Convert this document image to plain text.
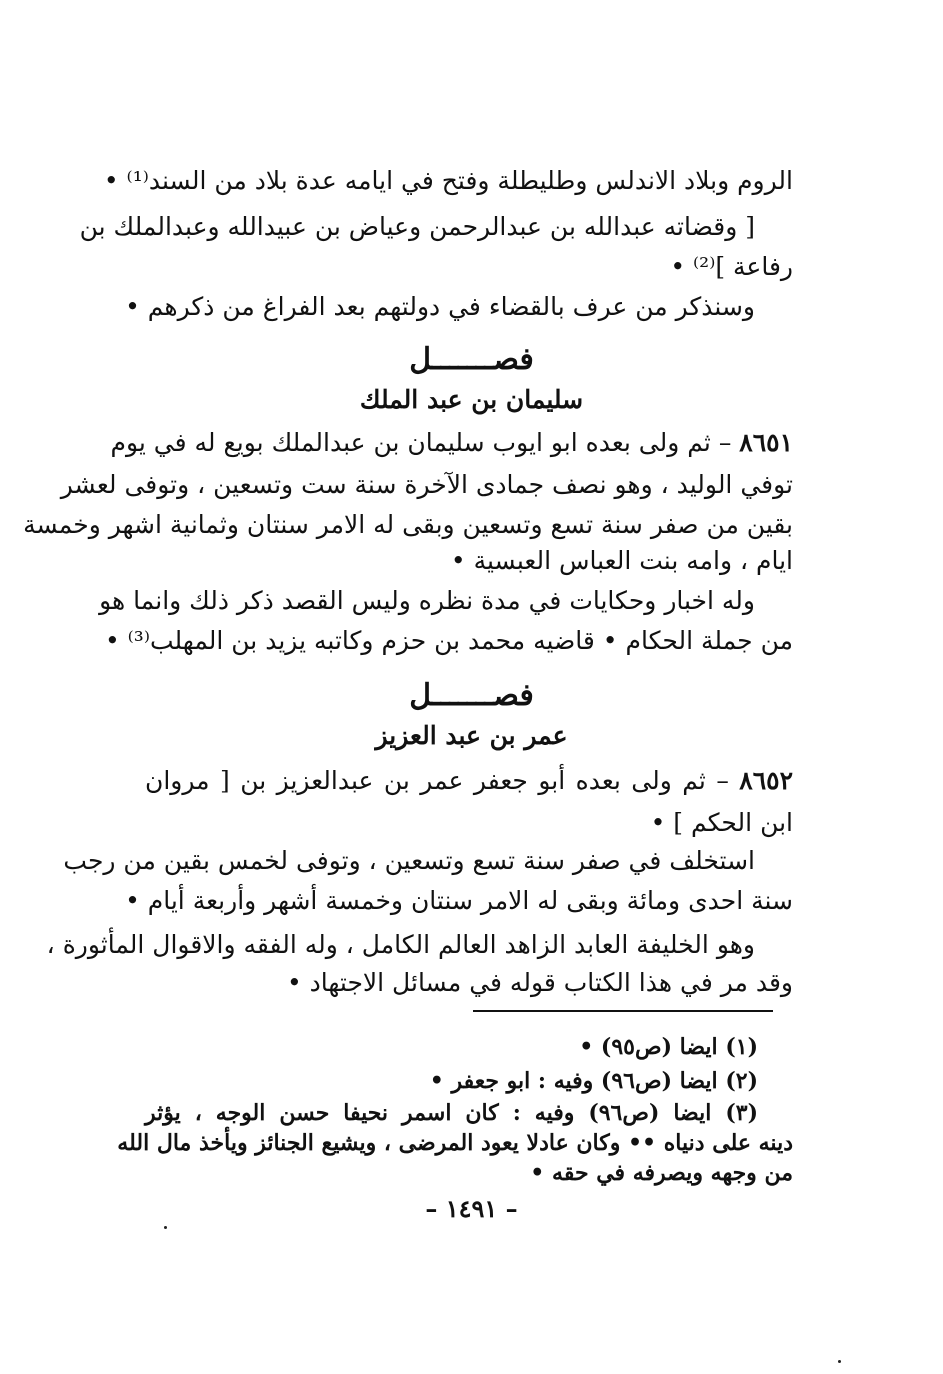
الروم وبلاد الاندلس وطليطلة وفتح في ايامه عدة بلاد من السند⁽¹⁾ •
[ وقضاته عبدالله بن عبدالرحمن وعياض بن عبيدالله وعبدالملك بن
رفاعة ]⁽²⁾ •
وسنذكر من عرف بالقضاء في دولتهم بعد الفراغ من ذكرهم •
فصـــــــل
سليمان بن عبد الملك
٨٦٥١ – ثم ولى بعده ابو ايوب سليمان بن عبدالملك بويع له في يوم
توفي الوليد ، وهو نصف جمادى الآخرة سنة ست وتسعين ، وتوفى لعشر
بقين من صفر سنة تسع وتسعين وبقى له الامر سنتان وثمانية اشهر وخمسة
ايام ، وامه بنت العباس العبسية •
وله اخبار وحكايات في مدة نظره وليس القصد ذكر ذلك وانما هو
من جملة الحكام • قاضيه محمد بن حزم وكاتبه يزيد بن المهلب⁽³⁾ •
فصـــــــل
عمر بن عبد العزيز
٨٦٥٢ – ثم ولى بعده أبو جعفر عمر بن عبدالعزيز بن [ مروان
ابن الحكم ] •
استخلف في صفر سنة تسع وتسعين ، وتوفى لخمس بقين من رجب
سنة احدى ومائة وبقى له الامر سنتان وخمسة أشهر وأربعة أيام •
وهو الخليفة العابد الزاهد العالم الكامل ، وله الفقه والاقوال المأثورة ،
وقد مر في هذا الكتاب قوله في مسائل الاجتهاد •
(١) ايضا (ص٩٥) •
(٢) ايضا (ص٩٦) وفيه : ابو جعفر •
(٣) ايضا (ص٩٦) وفيه : كان اسمر نحيفا حسن الوجه ، يؤثر
دينه على دنياه •• وكان عادلا يعود المرضى ، ويشيع الجنائز ويأخذ مال الله
من وجهه ويصرفه في حقه •
– ١٤٩١ –
